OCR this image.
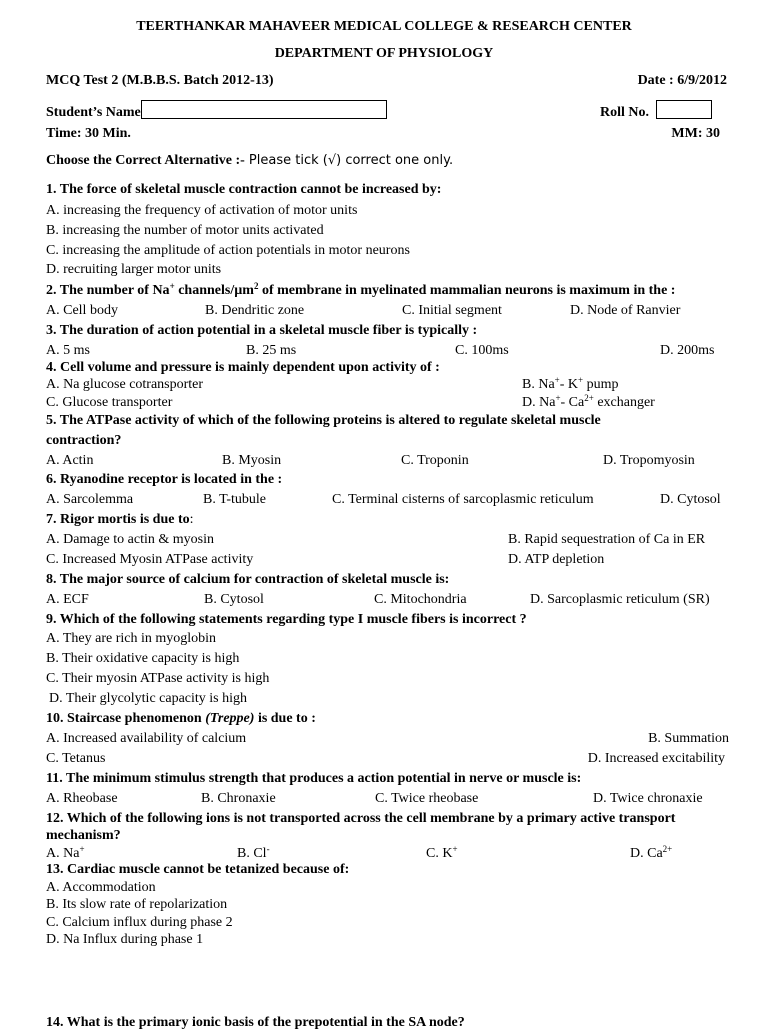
TEERTHANKAR MAHAVEER MEDICAL COLLEGE & RESEARCH CENTER
DEPARTMENT OF PHYSIOLOGY
MCQ Test 2 (M.B.B.S. Batch 2012-13)	Date : 6/9/2012
Student’s Name	Roll No.
Time: 30 Min.	MM: 30
Choose the Correct Alternative :- Please tick (√) correct one only.
1. The force of skeletal muscle contraction cannot be increased by:
A. increasing the frequency of activation of motor units
B. increasing the number of motor units activated
C. increasing the amplitude of action potentials in motor neurons
D. recruiting larger motor units
2. The number of Na+ channels/µm$^2$ of membrane in myelinated mammalian neurons is maximum in the :
A. Cell body	B. Dendritic zone	C. Initial segment	D. Node of Ranvier
3. The duration of action potential in a skeletal muscle fiber is typically :
A. 5 ms	B. 25 ms	C. 100ms	D. 200ms
4. Cell volume and pressure is mainly dependent upon activity of :
A. Na glucose cotransporter	B. Na+- K+ pump
C. Glucose transporter	D. Na+- $Ca^{2+}$ exchanger
5. The ATPase activity of which of the following proteins is altered to regulate skeletal muscle
contraction?
A. Actin	B. Myosin	C. Troponin	D. Tropomyosin
6. Ryanodine receptor is located in the :
A. Sarcolemma	B. T-tubule	C. Terminal cisterns of sarcoplasmic reticulum	D. Cytosol
7. Rigor mortis is due to:
A. Damage to actin & myosin	B. Rapid sequestration of Ca in ER
C. Increased Myosin ATPase activity	D. ATP depletion
8. The major source of calcium for contraction of skeletal muscle is:
A. ECF	B. Cytosol	C. Mitochondria	D. Sarcoplasmic reticulum (SR)
9. Which of the following statements regarding type I muscle fibers is incorrect ?
A. They are rich in myoglobin
B. Their oxidative capacity is high
C. Their myosin ATPase activity is high
D. Their glycolytic capacity is high
10. Staircase phenomenon (Treppe) is due to :
A. Increased availability of calcium	B. Summation
C. Tetanus	D. Increased excitability
11. The minimum stimulus strength that produces a action potential in nerve or muscle is:
A. Rheobase	B. Chronaxie	C. Twice rheobase	D. Twice chronaxie
12. Which of the following ions is not transported across the cell membrane by a primary active transport
mechanism?
A. Na+	B. Cl-	C. K+	D. $Ca^{2+}$
13. Cardiac muscle cannot be tetanized because of:
A. Accommodation
B. Its slow rate of repolarization
C. Calcium influx during phase 2
D. Na Influx during phase 1
14. What is the primary ionic basis of the prepotential in the SA node?
